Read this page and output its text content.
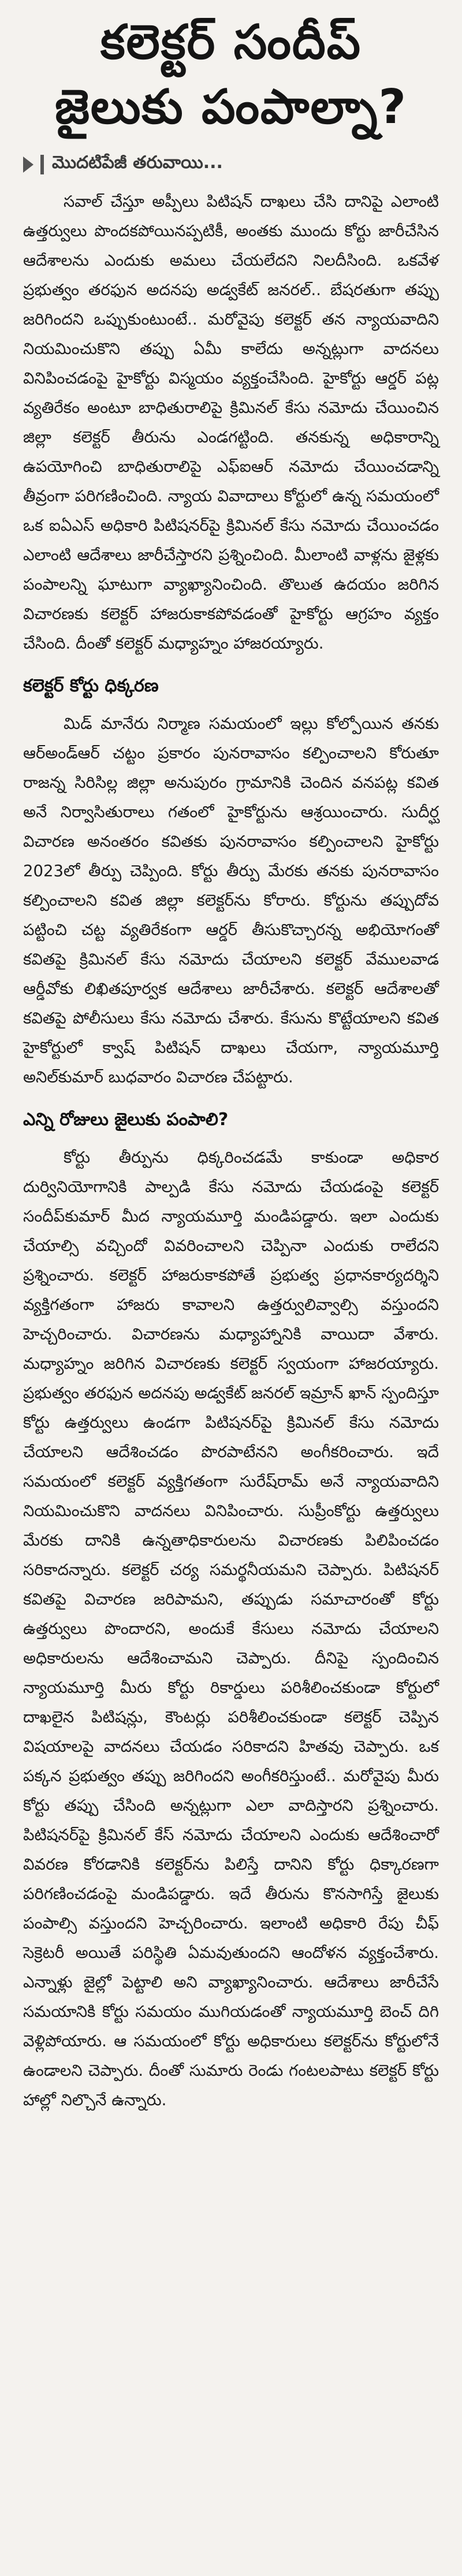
కలెక్టర్ సందీప్
జైలుకు పంపాల్నా?
మొదటిపేజీ తరువాయి...

సవాల్ చేస్తూ అప్పీలు పిటిషన్ దాఖలు చేసి దానిపై ఎలాంటి ఉత్తర్వులు పొందకపోయినప్పటికీ, అంతకు ముందు కోర్టు జారీచేసిన ఆదేశాలను ఎందుకు అమలు చేయలేదని నిలదీసింది. ఒకవేళ ప్రభుత్వం తరఫున అదనపు అడ్వకేట్ జనరల్.. బేషరతుగా తప్పు జరిగిందని ఒప్పుకుంటుంటే.. మరోవైపు కలెక్టర్ తన న్యాయవాదిని నియమించుకొని తప్పు ఏమీ కాలేదు అన్నట్లుగా వాదనలు వినిపించడంపై హైకోర్టు విస్మయం వ్యక్తంచేసింది. హైకోర్టు ఆర్డర్ పట్ల వ్యతిరేకం అంటూ బాధితురాలిపై క్రిమినల్ కేసు నమోదు చేయించిన జిల్లా కలెక్టర్ తీరును ఎండగట్టింది. తనకున్న అధికారాన్ని ఉపయోగించి బాధితురాలిపై ఎఫ్ఐఆర్ నమోదు చేయించడాన్ని తీవ్రంగా పరిగణించింది. న్యాయ వివాదాలు కోర్టులో ఉన్న సమయంలో ఒక ఐఏఎస్ అధికారి పిటిషనర్‌పై క్రిమినల్ కేసు నమోదు చేయించడం ఎలాంటి ఆదేశాలు జారీచేస్తారని ప్రశ్నించింది. మీలాంటి వాళ్లను జైళ్లకు పంపాలన్ని ఘాటుగా వ్యాఖ్యానించింది. తొలుత ఉదయం జరిగిన విచారణకు కలెక్టర్ హాజరుకాకపోవడంతో హైకోర్టు ఆగ్రహం వ్యక్తం చేసింది. దీంతో కలెక్టర్ మధ్యాహ్నం హాజరయ్యారు.

కలెక్టర్ కోర్టు ధిక్కరణ

మిడ్ మానేరు నిర్మాణ సమయంలో ఇల్లు కోల్పోయిన తనకు ఆర్‌అండ్‌ఆర్ చట్టం ప్రకారం పునరావాసం కల్పించాలని కోరుతూ రాజన్న సిరిసిల్ల జిల్లా అనుపురం గ్రామానికి చెందిన వనపట్ల కవిత అనే నిర్వాసితురాలు గతంలో హైకోర్టును ఆశ్రయించారు. సుదీర్ఘ విచారణ అనంతరం కవితకు పునరావాసం కల్పించాలని హైకోర్టు 2023లో తీర్పు చెప్పింది. కోర్టు తీర్పు మేరకు తనకు పునరావాసం కల్పించాలని కవిత జిల్లా కలెక్టర్‌ను కోరారు. కోర్టును తప్పుదోవ పట్టించి చట్ట వ్యతిరేకంగా ఆర్డర్ తీసుకొచ్చారన్న అభియోగంతో కవితపై క్రిమినల్ కేసు నమోదు చేయాలని కలెక్టర్ వేములవాడ ఆర్డీవోకు లిఖితపూర్వక ఆదేశాలు జారీచేశారు. కలెక్టర్ ఆదేశాలతో కవితపై పోలీసులు కేసు నమోదు చేశారు. కేసును కొట్టేయాలని కవిత హైకోర్టులో క్వాష్ పిటిషన్ దాఖలు చేయగా, న్యాయమూర్తి అనిల్‌కుమార్ బుధవారం విచారణ చేపట్టారు.

ఎన్ని రోజులు జైలుకు పంపాలి?

కోర్టు తీర్పును ధిక్కరించడమే కాకుండా అధికార దుర్వినియోగానికి పాల్పడి కేసు నమోదు చేయడంపై కలెక్టర్ సందీప్‌కుమార్ మీద న్యాయమూర్తి మండిపడ్డారు. ఇలా ఎందుకు చేయాల్సి వచ్చిందో వివరించాలని చెప్పినా ఎందుకు రాలేదని ప్రశ్నించారు. కలెక్టర్ హాజరుకాకపోతే ప్రభుత్వ ప్రధానకార్యదర్శిని వ్యక్తిగతంగా హాజరు కావాలని ఉత్తర్వులివ్వాల్సి వస్తుందని హెచ్చరించారు. విచారణను మధ్యాహ్నానికి వాయిదా వేశారు. మధ్యాహ్నం జరిగిన విచారణకు కలెక్టర్ స్వయంగా హాజరయ్యారు. ప్రభుత్వం తరఫున అదనపు అడ్వకేట్ జనరల్ ఇమ్రాన్ ఖాన్ స్పందిస్తూ కోర్టు ఉత్తర్వులు ఉండగా పిటిషనర్‌పై క్రిమినల్ కేసు నమోదు చేయాలని ఆదేశించడం పొరపాటేనని అంగీకరించారు. ఇదే సమయంలో కలెక్టర్ వ్యక్తిగతంగా సురేష్‌రామ్ అనే న్యాయవాదిని నియమించుకొని వాదనలు వినిపించారు. సుప్రీంకోర్టు ఉత్తర్వులు మేరకు దానికి ఉన్నతాధికారులను విచారణకు పిలిపించడం సరికాదన్నారు. కలెక్టర్ చర్య సమర్థనీయమని చెప్పారు. పిటిషనర్ కవితపై విచారణ జరిపామని, తప్పుడు సమాచారంతో కోర్టు ఉత్తర్వులు పొందారని, అందుకే కేసులు నమోదు చేయాలని అధికారులను ఆదేశించామని చెప్పారు. దీనిపై స్పందించిన న్యాయమూర్తి మీరు కోర్టు రికార్డులు పరిశీలించకుండా కోర్టులో దాఖలైన పిటిషన్లు, కౌంటర్లు పరిశీలించకుండా కలెక్టర్ చెప్పిన విషయాలపై వాదనలు చేయడం సరికాదని హితవు చెప్పారు. ఒక పక్కన ప్రభుత్వం తప్పు జరిగిందని అంగీకరిస్తుంటే.. మరోవైపు మీరు కోర్టు తప్పు చేసింది అన్నట్లుగా ఎలా వాదిస్తారని ప్రశ్నించారు. పిటిషనర్‌పై క్రిమినల్ కేస్ నమోదు చేయాలని ఎందుకు ఆదేశించారో వివరణ కోరడానికి కలెక్టర్‌ను పిలిస్తే దానిని కోర్టు ధిక్కారణగా పరిగణించడంపై మండిపడ్డారు. ఇదే తీరును కొనసాగిస్తే జైలుకు పంపాల్సి వస్తుందని హెచ్చరించారు. ఇలాంటి అధికారి రేపు చీఫ్ సెక్రెటరీ అయితే పరిస్థితి ఏమవుతుందని ఆందోళన వ్యక్తంచేశారు. ఎన్నాళ్లు జైల్లో పెట్టాలి అని వ్యాఖ్యానించారు. ఆదేశాలు జారీచేసే సమయానికి కోర్టు సమయం ముగియడంతో న్యాయమూర్తి బెంచ్ దిగి వెళ్లిపోయారు. ఆ సమయంలో కోర్టు అధికారులు కలెక్టర్‌ను కోర్టులోనే ఉండాలని చెప్పారు. దీంతో సుమారు రెండు గంటలపాటు కలెక్టర్ కోర్టు హాల్లో నిల్చొనే ఉన్నారు.
